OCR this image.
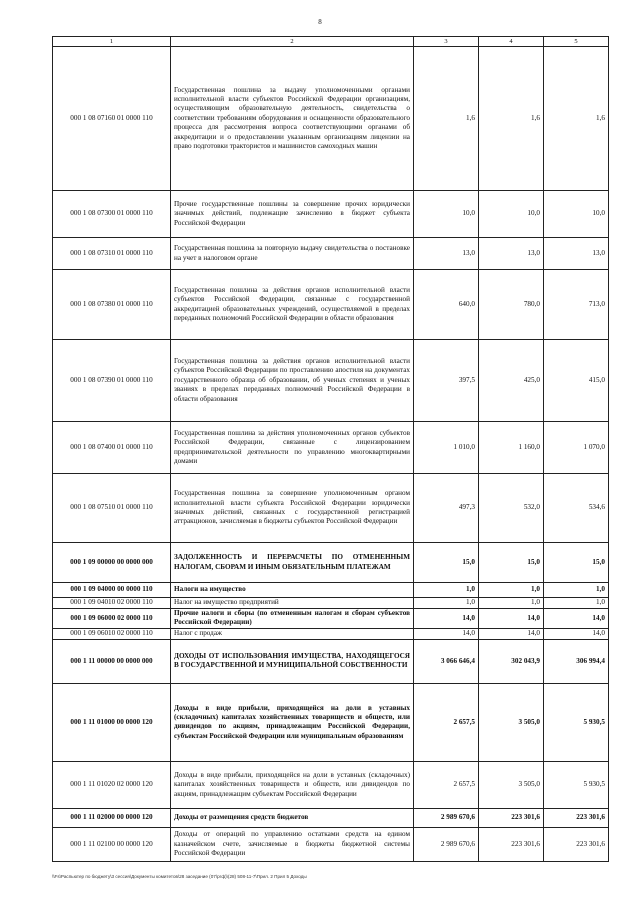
8
1	2	3	4	5
000 1 08 07160 01 0000 110	Государственная пошлина за выдачу уполномоченными органами исполнительной власти субъектов Российской Федерации организациям, осуществляющим образовательную деятельность, свидетельства о соответствии требованиям оборудования и оснащенности образовательного процесса для рассмотрения вопроса соответствующими органами об аккредитации и о предоставлении указанным организациям лицензии на право подготовки трактористов и машинистов самоходных машин	1,6	1,6	1,6
000 1 08 07300 01 0000 110	Прочие государственные пошлины за совершение прочих юридически значимых действий, подлежащие зачислению в бюджет субъекта Российской Федерации	10,0	10,0	10,0
000 1 08 07310 01 0000 110	Государственная пошлина за повторную выдачу свидетельства о постановке на учет в налоговом органе	13,0	13,0	13,0
000 1 08 07380 01 0000 110	Государственная пошлина за действия органов исполнительной власти субъектов Российской Федерации, связанные с государственной аккредитацией образовательных учреждений, осуществляемой в пределах переданных полномочий Российской Федерации в области образования	640,0	780,0	713,0
000 1 08 07390 01 0000 110	Государственная пошлина за действия органов исполнительной власти субъектов Российской Федерации по проставлению апостиля на документах государственного образца об образовании, об ученых степенях и ученых званиях в пределах переданных полномочий Российской Федерации в области образования	397,5	425,0	415,0
000 1 08 07400 01 0000 110	Государственная пошлина за действия уполномоченных органов субъектов Российской Федерации, связанные с лицензированием предпринимательской деятельности по управлению многоквартирными домами	1 010,0	1 160,0	1 070,0
000 1 08 07510 01 0000 110	Государственная пошлина за совершение уполномоченным органом исполнительной власти субъекта Российской Федерации юридически значимых действий, связанных с государственной регистрацией аттракционов, зачисляемая в бюджеты субъектов Российской Федерации	497,3	532,0	534,6
000 1 09 00000 00 0000 000	ЗАДОЛЖЕННОСТЬ И ПЕРЕРАСЧЕТЫ ПО ОТМЕНЕННЫМ НАЛОГАМ, СБОРАМ И ИНЫМ ОБЯЗАТЕЛЬНЫМ ПЛАТЕЖАМ	15,0	15,0	15,0
000 1 09 04000 00 0000 110	Налоги на имущество	1,0	1,0	1,0
000 1 09 04010 02 0000 110	Налог на имущество предприятий	1,0	1,0	1,0
000 1 09 06000 02 0000 110	Прочие налоги и сборы (по отмененным налогам и сборам субъектов Российской Федерации)	14,0	14,0	14,0
000 1 09 06010 02 0000 110	Налог с продаж	14,0	14,0	14,0
000 1 11 00000 00 0000 000	ДОХОДЫ ОТ ИСПОЛЬЗОВАНИЯ ИМУЩЕСТВА, НАХОДЯЩЕГОСЯ В ГОСУДАРСТВЕННОЙ И МУНИЦИПАЛЬНОЙ СОБСТВЕННОСТИ	3 066 646,4	302 043,9	306 994,4
000 1 11 01000 00 0000 120	Доходы в виде прибыли, приходящейся на доли в уставных (складочных) капиталах хозяйственных товариществ и обществ, или дивидендов по акциям, принадлежащим Российской Федерации, субъектам Российской Федерации или муниципальным образованиям	2 657,5	3 505,0	5 930,5
000 1 11 01020 02 0000 120	Доходы в виде прибыли, приходящейся на доли в уставных (складочных) капиталах хозяйственных товариществ и обществ, или дивидендов по акциям, принадлежащим субъектам Российской Федерации	2 657,5	3 505,0	5 930,5
000 1 11 02000 00 0000 120	Доходы от размещения средств бюджетов	2 989 670,6	223 301,6	223 301,6
000 1 11 02100 00 0000 120	Доходы от операций по управлению остатками средств на едином казначейском счете, зачисляемые в бюджеты бюджетной системы Российской Федерации	2 989 670,6	223 301,6	223 301,6
\\Fs\Распьютер по бюджету\3 сессия\Документы комитетов\28 заседание (07\ргф)\(28) 508-11-7\Прил. 2 Прил 5 Доходы
